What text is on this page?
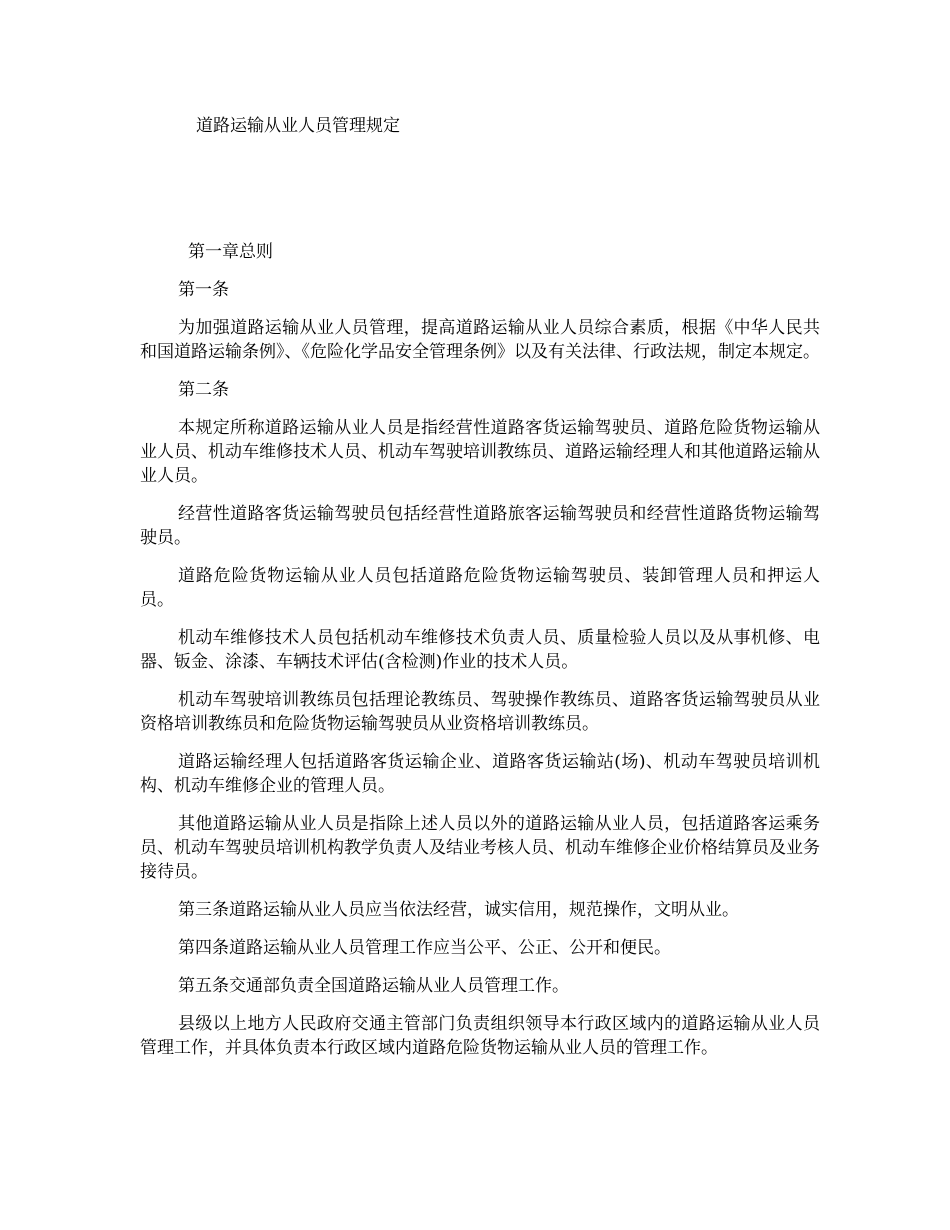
道路运输从业人员管理规定
第一章总则

第一条

为加强道路运输从业人员管理，提高道路运输从业人员综合素质，根据《中华人民共和国道路运输条例》、《危险化学品安全管理条例》以及有关法律、行政法规，制定本规定。

第二条

本规定所称道路运输从业人员是指经营性道路客货运输驾驶员、道路危险货物运输从业人员、机动车维修技术人员、机动车驾驶培训教练员、道路运输经理人和其他道路运输从业人员。

经营性道路客货运输驾驶员包括经营性道路旅客运输驾驶员和经营性道路货物运输驾驶员。

道路危险货物运输从业人员包括道路危险货物运输驾驶员、装卸管理人员和押运人员。

机动车维修技术人员包括机动车维修技术负责人员、质量检验人员以及从事机修、电器、钣金、涂漆、车辆技术评估(含检测)作业的技术人员。

机动车驾驶培训教练员包括理论教练员、驾驶操作教练员、道路客货运输驾驶员从业资格培训教练员和危险货物运输驾驶员从业资格培训教练员。

道路运输经理人包括道路客货运输企业、道路客货运输站(场)、机动车驾驶员培训机构、机动车维修企业的管理人员。

其他道路运输从业人员是指除上述人员以外的道路运输从业人员，包括道路客运乘务员、机动车驾驶员培训机构教学负责人及结业考核人员、机动车维修企业价格结算员及业务接待员。

第三条道路运输从业人员应当依法经营，诚实信用，规范操作，文明从业。

第四条道路运输从业人员管理工作应当公平、公正、公开和便民。

第五条交通部负责全国道路运输从业人员管理工作。

县级以上地方人民政府交通主管部门负责组织领导本行政区域内的道路运输从业人员管理工作，并具体负责本行政区域内道路危险货物运输从业人员的管理工作。
